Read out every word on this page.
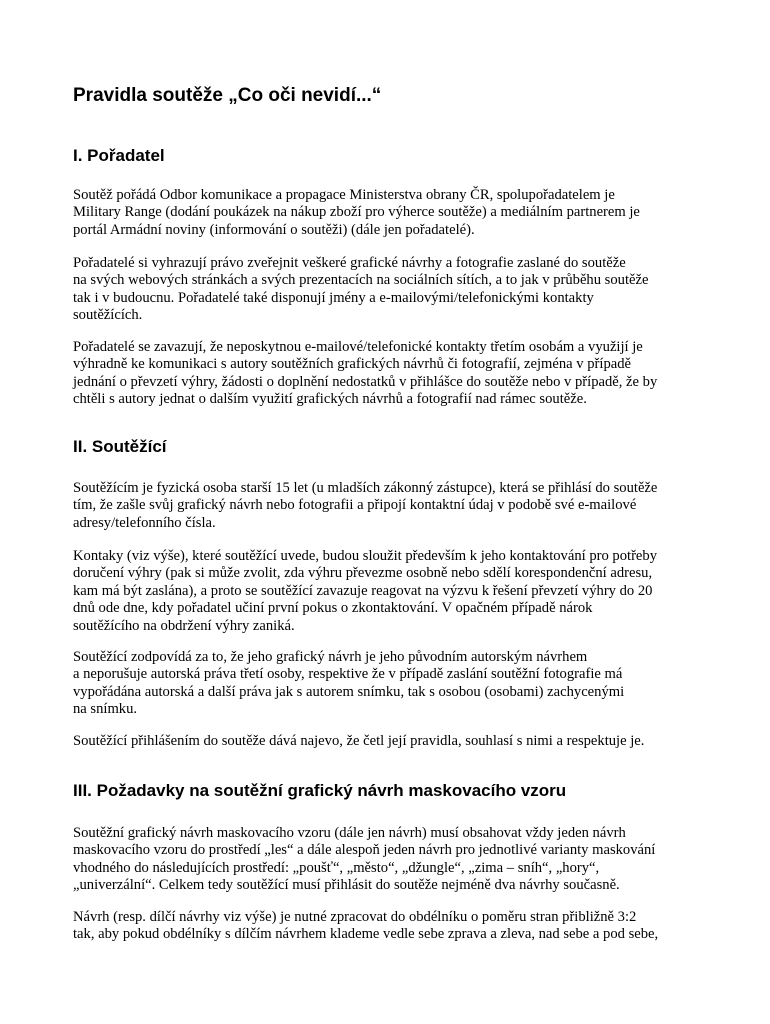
Pravidla soutěže „Co oči nevidí...“
I. Pořadatel

Soutěž pořádá Odbor komunikace a propagace Ministerstva obrany ČR, spolupořadatelem je
Military Range (dodání poukázek na nákup zboží pro výherce soutěže) a mediálním partnerem je
portál Armádní noviny (informování o soutěži) (dále jen pořadatelé).

Pořadatelé si vyhrazují právo zveřejnit veškeré grafické návrhy a fotografie zaslané do soutěže
na svých webových stránkách a svých prezentacích na sociálních sítích, a to jak v průběhu soutěže
tak i v budoucnu. Pořadatelé také disponují jmény a e-mailovými/telefonickými kontakty
soutěžících.

Pořadatelé se zavazují, že neposkytnou e-mailové/telefonické kontakty třetím osobám a využijí je
výhradně ke komunikaci s autory soutěžních grafických návrhů či fotografií, zejména v případě
jednání o převzetí výhry, žádosti o doplnění nedostatků v přihlášce do soutěže nebo v případě, že by
chtěli s autory jednat o dalším využití grafických návrhů a fotografií nad rámec soutěže.

II. Soutěžící

Soutěžícím je fyzická osoba starší 15 let (u mladších zákonný zástupce), která se přihlásí do soutěže
tím, že zašle svůj grafický návrh nebo fotografii a připojí kontaktní údaj v podobě své e-mailové
adresy/telefonního čísla.

Kontaky (viz výše), které soutěžící uvede, budou sloužit především k jeho kontaktování pro potřeby
doručení výhry (pak si může zvolit, zda výhru převezme osobně nebo sdělí korespondenční adresu,
kam má být zaslána), a proto se soutěžící zavazuje reagovat na výzvu k řešení převzetí výhry do 20
dnů ode dne, kdy pořadatel učiní první pokus o zkontaktování. V opačném případě nárok
soutěžícího na obdržení výhry zaniká.

Soutěžící zodpovídá za to, že jeho grafický návrh je jeho původním autorským návrhem
a neporušuje autorská práva třetí osoby, respektive že v případě zaslání soutěžní fotografie má
vypořádána autorská a další práva jak s autorem snímku, tak s osobou (osobami) zachycenými
na snímku.

Soutěžící přihlášením do soutěže dává najevo, že četl její pravidla, souhlasí s nimi a respektuje je.

III. Požadavky na soutěžní grafický návrh maskovacího vzoru

Soutěžní grafický návrh maskovacího vzoru (dále jen návrh) musí obsahovat vždy jeden návrh
maskovacího vzoru do prostředí „les“ a dále alespoň jeden návrh pro jednotlivé varianty maskování
vhodného do následujících prostředí: „poušť“, „město“, „džungle“, „zima – sníh“, „hory“,
„univerzální“. Celkem tedy soutěžící musí přihlásit do soutěže nejméně dva návrhy současně.

Návrh (resp. dílčí návrhy viz výše) je nutné zpracovat do obdélníku o poměru stran přibližně 3:2
tak, aby pokud obdélníky s dílčím návrhem klademe vedle sebe zprava a zleva, nad sebe a pod sebe,
